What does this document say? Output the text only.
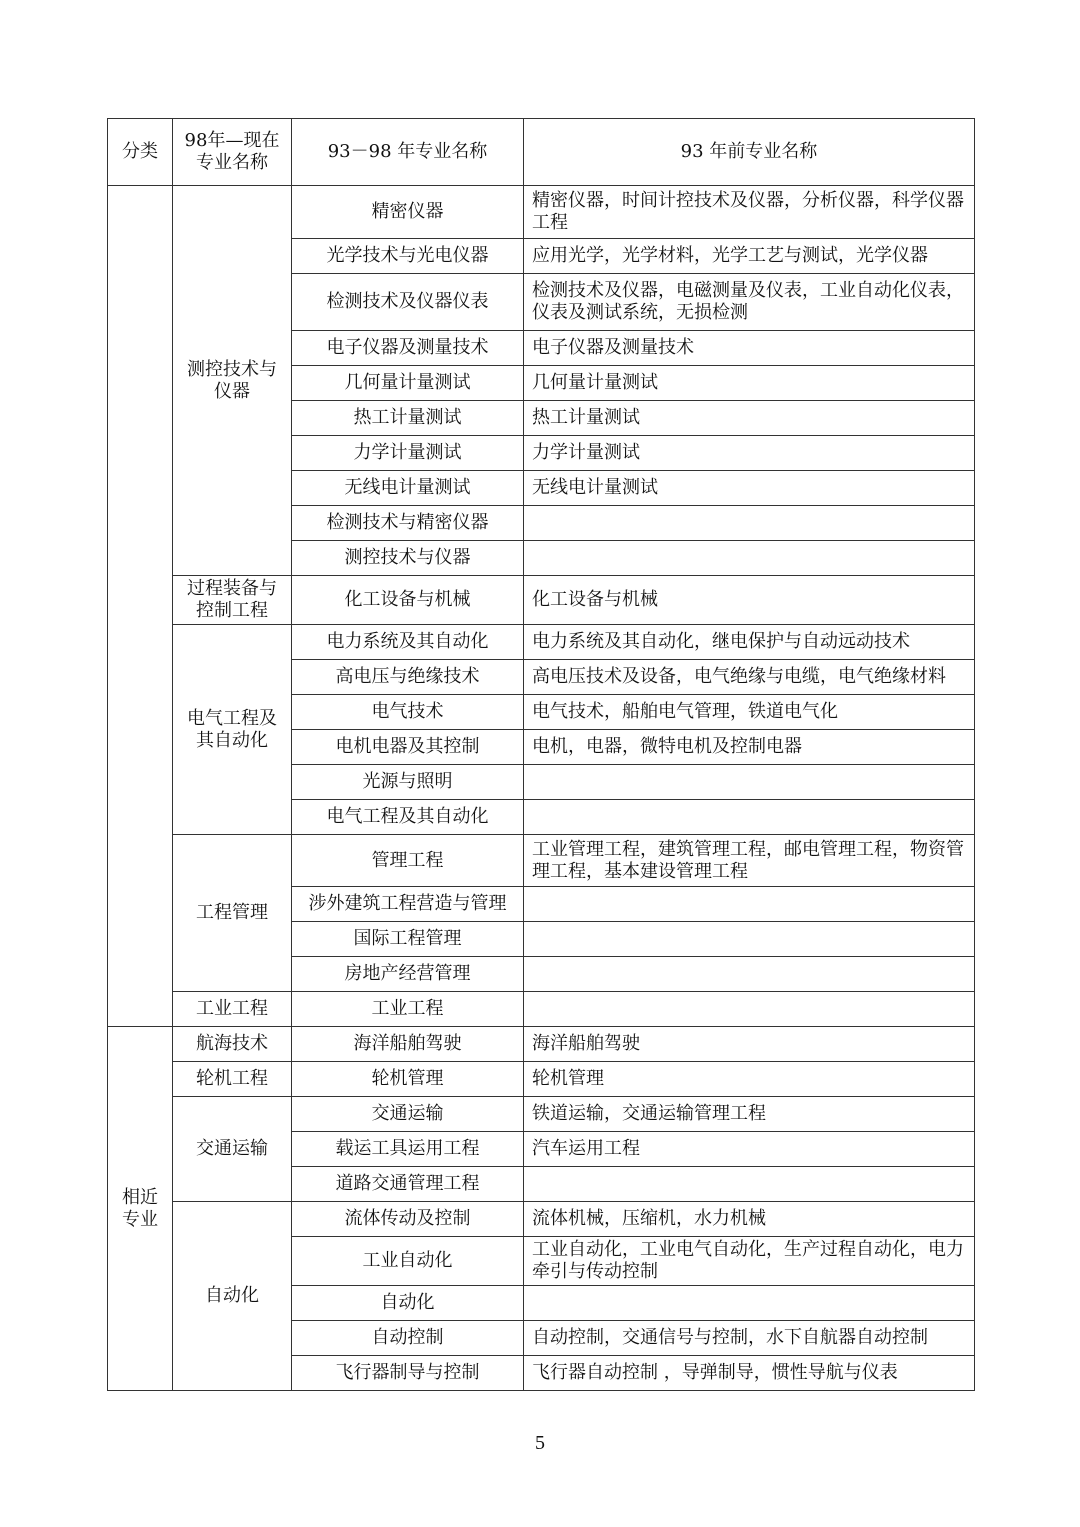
分类	98年—现在专业名称	93－98 年专业名称	93 年前专业名称
	测控技术与仪器	精密仪器	精密仪器，时间计控技术及仪器，分析仪器，科学仪器工程
		光学技术与光电仪器	应用光学，光学材料，光学工艺与测试，光学仪器
		检测技术及仪器仪表	检测技术及仪器，电磁测量及仪表，工业自动化仪表，仪表及测试系统，无损检测
		电子仪器及测量技术	电子仪器及测量技术
		几何量计量测试	几何量计量测试
		热工计量测试	热工计量测试
		力学计量测试	力学计量测试
		无线电计量测试	无线电计量测试
		检测技术与精密仪器	
		测控技术与仪器	
	过程装备与控制工程	化工设备与机械	化工设备与机械
	电气工程及其自动化	电力系统及其自动化	电力系统及其自动化，继电保护与自动远动技术
		高电压与绝缘技术	高电压技术及设备，电气绝缘与电缆，电气绝缘材料
		电气技术	电气技术，船舶电气管理，铁道电气化
		电机电器及其控制	电机，电器，微特电机及控制电器
		光源与照明	
		电气工程及其自动化	
	工程管理	管理工程	工业管理工程，建筑管理工程，邮电管理工程，物资管理工程，基本建设管理工程
		涉外建筑工程营造与管理	
		国际工程管理	
		房地产经营管理	
	工业工程	工业工程	
相近专业	航海技术	海洋船舶驾驶	海洋船舶驾驶
	轮机工程	轮机管理	轮机管理
	交通运输	交通运输	铁道运输，交通运输管理工程
		载运工具运用工程	汽车运用工程
		道路交通管理工程	
	自动化	流体传动及控制	流体机械，压缩机，水力机械
		工业自动化	工业自动化，工业电气自动化，生产过程自动化，电力牵引与传动控制
		自动化	
		自动控制	自动控制，交通信号与控制，水下自航器自动控制
		飞行器制导与控制	飞行器自动控制 ，导弹制导，惯性导航与仪表
5
